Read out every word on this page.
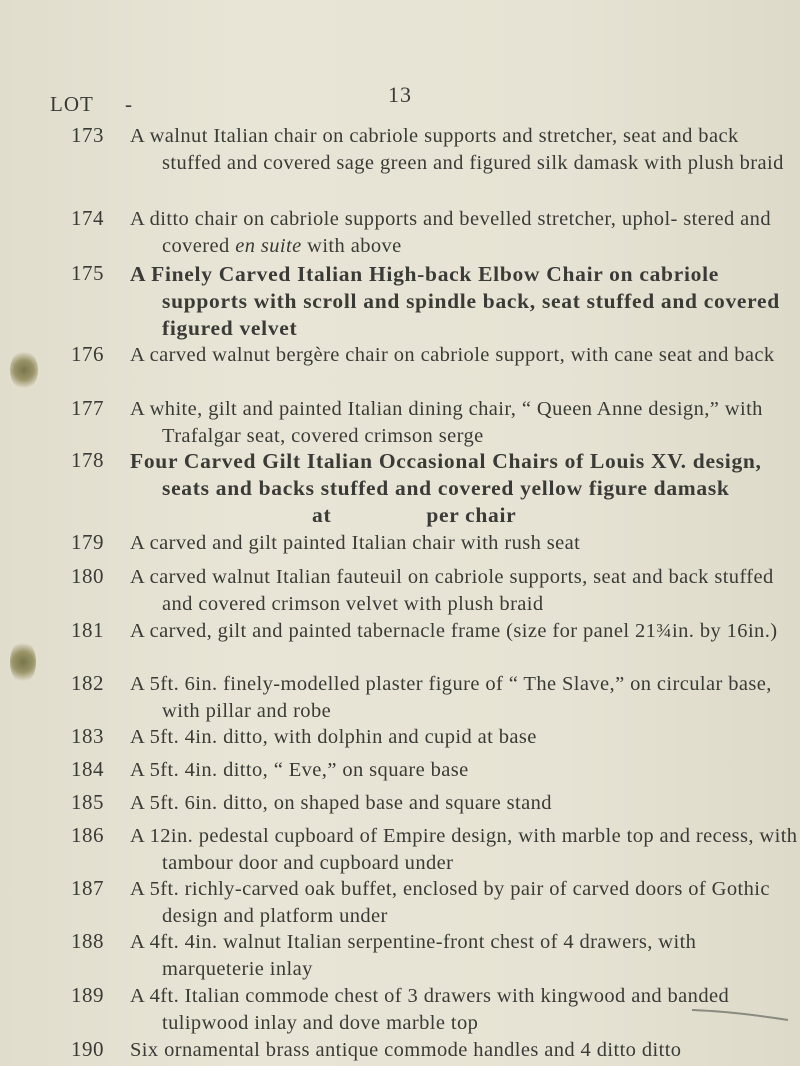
13
LOT -
173 A walnut Italian chair on cabriole supports and stretcher, seat and back stuffed and covered sage green and figured silk damask with plush braid
174 A ditto chair on cabriole supports and bevelled stretcher, uphol- stered and covered en suite with above
175 A Finely Carved Italian High-back Elbow Chair on cabriole supports with scroll and spindle back, seat stuffed and covered figured velvet
176 A carved walnut bergère chair on cabriole support, with cane seat and back
177 A white, gilt and painted Italian dining chair, “ Queen Anne design,” with Trafalgar seat, covered crimson serge
178 Four Carved Gilt Italian Occasional Chairs of Louis XV. design, seats and backs stuffed and covered yellow figure damaskat	per chair
179 A carved and gilt painted Italian chair with rush seat
180 A carved walnut Italian fauteuil on cabriole supports, seat and back stuffed and covered crimson velvet with plush braid
181 A carved, gilt and painted tabernacle frame (size for panel 21¾in. by 16in.)
182 A 5ft. 6in. finely-modelled plaster figure of “ The Slave,” on circular base, with pillar and robe
183 A 5ft. 4in. ditto, with dolphin and cupid at base
184 A 5ft. 4in. ditto, “ Eve,” on square base
185 A 5ft. 6in. ditto, on shaped base and square stand
186 A 12in. pedestal cupboard of Empire design, with marble top and recess, with tambour door and cupboard under
187 A 5ft. richly-carved oak buffet, enclosed by pair of carved doors of Gothic design and platform under
188 A 4ft. 4in. walnut Italian serpentine-front chest of 4 drawers, with marqueterie inlay
189 A 4ft. Italian commode chest of 3 drawers with kingwood and banded tulipwood inlay and dove marble top
190 Six ornamental brass antique commode handles and 4 ditto ditto
